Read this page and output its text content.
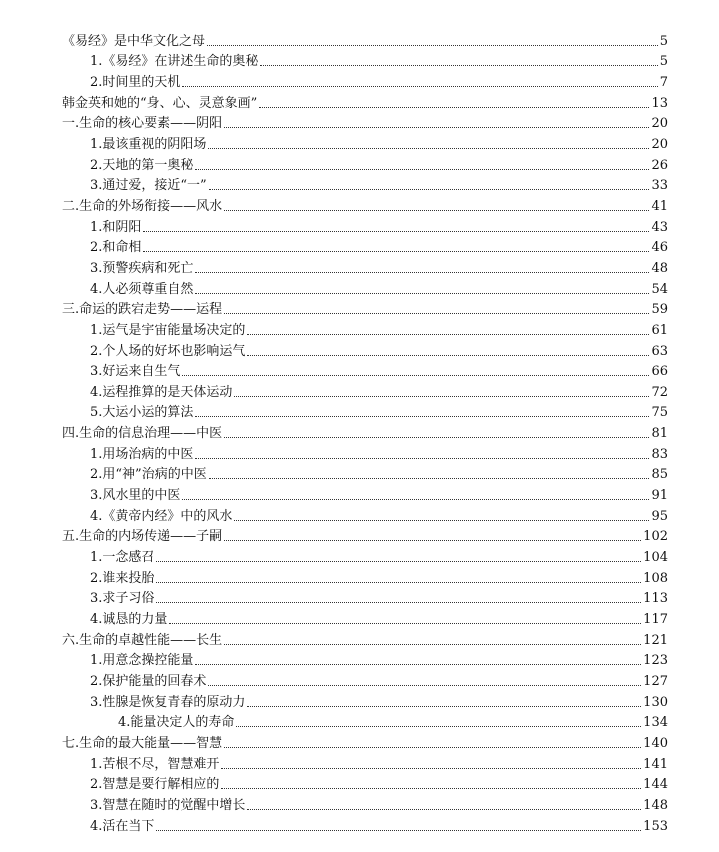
《易经》是中华文化之母	5
1.《易经》在讲述生命的奥秘	5
2.时间里的天机	7
韩金英和她的“身、心、灵意象画”	13
一.生命的核心要素——阴阳	20
1.最该重视的阴阳场	20
2.天地的第一奥秘	26
3.通过爱，接近“一”	33
二.生命的外场衔接——风水	41
1.和阴阳	43
2.和命相	46
3.预警疾病和死亡	48
4.人必须尊重自然	54
三.命运的跌宕走势——运程	59
1.运气是宇宙能量场决定的	61
2.个人场的好坏也影响运气	63
3.好运来自生气	66
4.运程推算的是天体运动	72
5.大运小运的算法	75
四.生命的信息治理——中医	81
1.用场治病的中医	83
2.用“神”治病的中医	85
3.风水里的中医	91
4.《黄帝内经》中的风水	95
五.生命的内场传递——子嗣	102
1.一念感召	104
2.谁来投胎	108
3.求子习俗	113
4.诚恳的力量	117
六.生命的卓越性能——长生	121
1.用意念操控能量	123
2.保护能量的回春术	127
3.性腺是恢复青春的原动力	130
4.能量决定人的寿命	134
七.生命的最大能量——智慧	140
1.苦根不尽，智慧难开	141
2.智慧是要行解相应的	144
3.智慧在随时的觉醒中增长	148
4.活在当下	153
